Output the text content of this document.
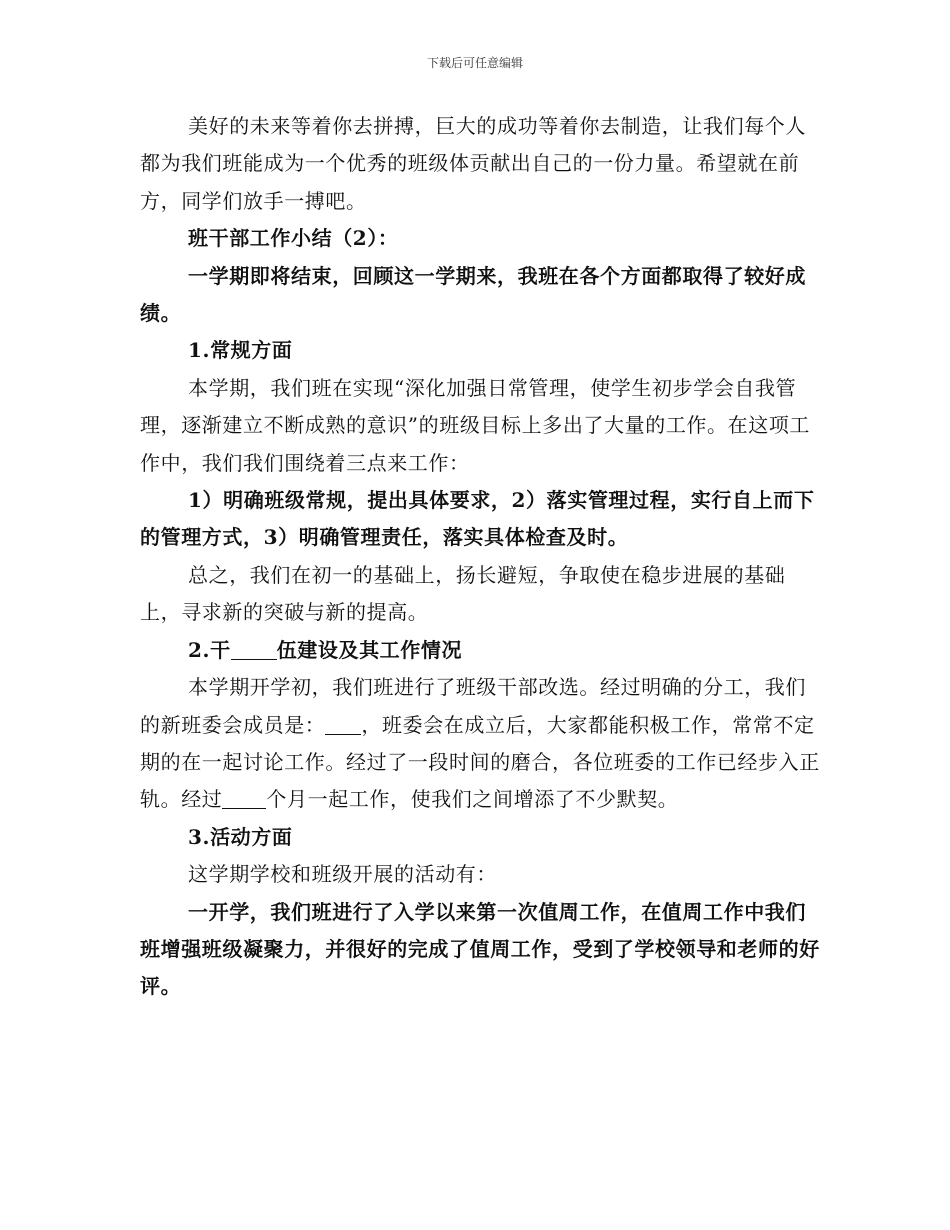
下载后可任意编辑

美好的未来等着你去拼搏，巨大的成功等着你去制造，让我们每个人都为我们班能成为一个优秀的班级体贡献出自己的一份力量。希望就在前方，同学们放手一搏吧。

班干部工作小结（2）：

一学期即将结束，回顾这一学期来，我班在各个方面都取得了较好成绩。

1.常规方面

本学期，我们班在实现“深化加强日常管理，使学生初步学会自我管理，逐渐建立不断成熟的意识”的班级目标上多出了大量的工作。在这项工作中，我们我们围绕着三点来工作：

1）明确班级常规，提出具体要求，2）落实管理过程，实行自上而下的管理方式，3）明确管理责任，落实具体检查及时。

总之，我们在初一的基础上，扬长避短，争取使在稳步进展的基础上，寻求新的突破与新的提高。

2.干 伍建设及其工作情况

本学期开学初，我们班进行了班级干部改选。经过明确的分工，我们的新班委会成员是： ，班委会在成立后，大家都能积极工作，常常不定期的在一起讨论工作。经过了一段时间的磨合，各位班委的工作已经步入正轨。经过 个月一起工作，使我们之间增添了不少默契。

3.活动方面

这学期学校和班级开展的活动有：

一开学，我们班进行了入学以来第一次值周工作，在值周工作中我们班增强班级凝聚力，并很好的完成了值周工作，受到了学校领导和老师的好评。
